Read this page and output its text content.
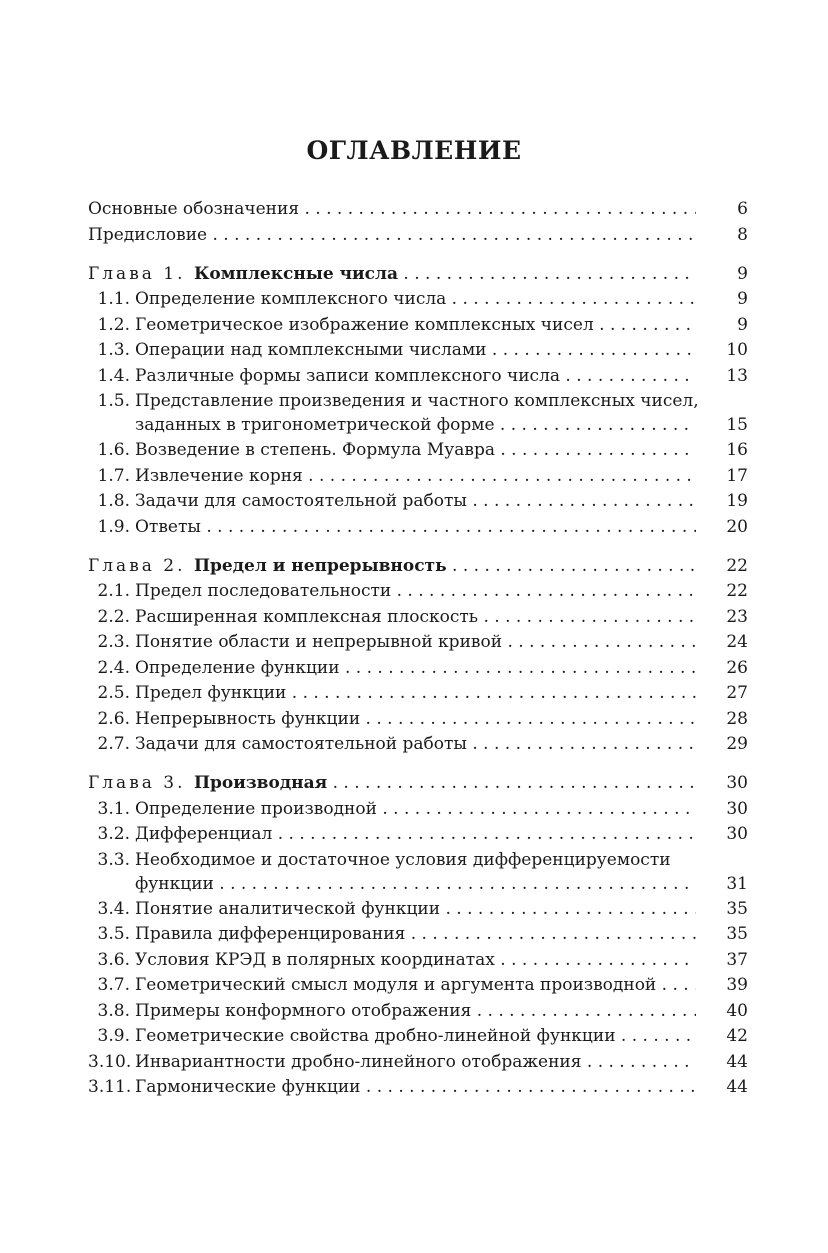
ОГЛАВЛЕНИЕ
Основные обозначения . . .	6
Предисловие . . .	8
Глава 1. Комплексные числа . . .	9
1.1. Определение комплексного числа . . .	9
1.2. Геометрическое изображение комплексных чисел . . .	9
1.3. Операции над комплексными числами . . .	10
1.4. Различные формы записи комплексного числа . . .	13
1.5. Представление произведения и частного комплексных чисел,
заданных в тригонометрической форме . . .	15
1.6. Возведение в степень. Формула Муавра . . .	16
1.7. Извлечение корня . . .	17
1.8. Задачи для самостоятельной работы . . .	19
1.9. Ответы . . .	20
Глава 2. Предел и непрерывность . . .	22
2.1. Предел последовательности . . .	22
2.2. Расширенная комплексная плоскость . . .	23
2.3. Понятие области и непрерывной кривой . . .	24
2.4. Определение функции . . .	26
2.5. Предел функции . . .	27
2.6. Непрерывность функции . . .	28
2.7. Задачи для самостоятельной работы . . .	29
Глава 3. Производная . . .	30
3.1. Определение производной . . .	30
3.2. Дифференциал . . .	30
3.3. Необходимое и достаточное условия дифференцируемости
функции . . .	31
3.4. Понятие аналитической функции . . .	35
3.5. Правила дифференцирования . . .	35
3.6. Условия КРЭД в полярных координатах . . .	37
3.7. Геометрический смысл модуля и аргумента производной . . .	39
3.8. Примеры конформного отображения . . .	40
3.9. Геометрические свойства дробно-линейной функции . . .	42
3.10. Инвариантности дробно-линейного отображения . . .	44
3.11. Гармонические функции . . .	44
